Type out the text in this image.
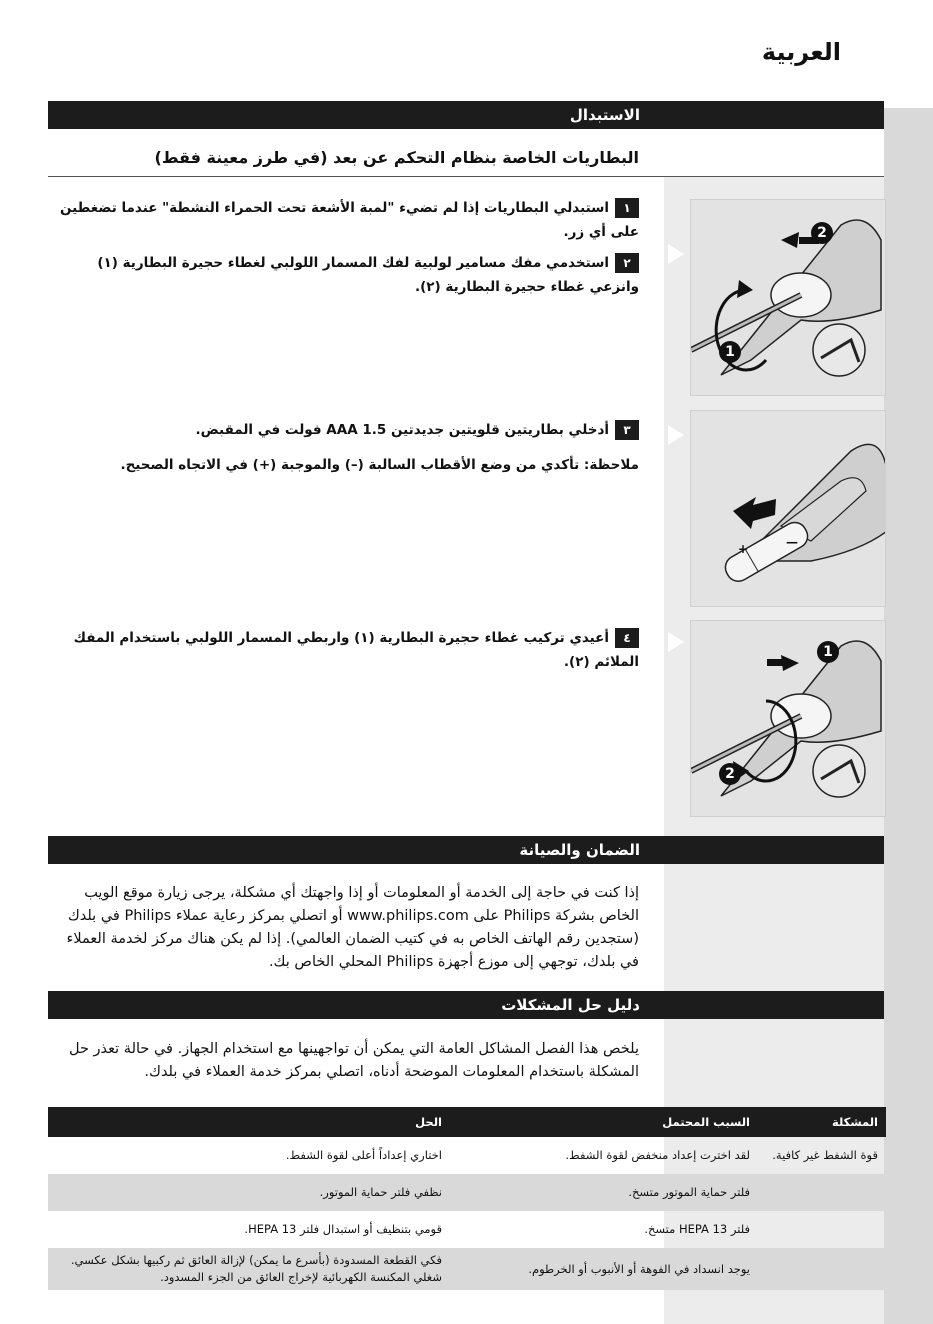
العربية
الاستبدال
البطاريات الخاصة بنظام التحكم عن بعد (في طرز معينة فقط)
١استبدلي البطاريات إذا لم تضيء "لمبة الأشعة تحت الحمراء النشطة" عندما تضغطين على أي زر.
٢استخدمي مفك مسامير لولبية لفك المسمار اللولبي لغطاء حجيرة البطارية (١) وانزعي غطاء حجيرة البطارية (٢).
٣أدخلي بطاريتين قلويتين جديدتين AAA 1.5 فولت في المقبض.
ملاحظة: تأكدي من وضع الأقطاب السالبة (–) والموجبة (+) في الاتجاه الصحيح.
٤أعيدي تركيب غطاء حجيرة البطارية (١) واربطي المسمار اللولبي باستخدام المفك الملائم (٢).
2
1
+	—
1
2
الضمان والصيانة
إذا كنت في حاجة إلى الخدمة أو المعلومات أو إذا واجهتك أي مشكلة، يرجى زيارة موقع الويب الخاص بشركة Philips على www.philips.com أو اتصلي بمركز رعاية عملاء Philips في بلدك (ستجدين رقم الهاتف الخاص به في كتيب الضمان العالمي). إذا لم يكن هناك مركز لخدمة العملاء في بلدك، توجهي إلى موزع أجهزة Philips المحلي الخاص بك.
دليل حل المشكلات
يلخص هذا الفصل المشاكل العامة التي يمكن أن تواجهينها مع استخدام الجهاز. في حالة تعذر حل المشكلة باستخدام المعلومات الموضحة أدناه، اتصلي بمركز خدمة العملاء في بلدك.
المشكلة	السبب المحتمل	الحل
قوة الشفط غير كافية.	لقد اخترت إعداد منخفض لقوة الشفط.	اختاري إعداداً أعلى لقوة الشفط.
	فلتر حماية الموتور متسخ.	نظفي فلتر حماية الموتور.
	فلتر HEPA 13 متسخ.	قومي بتنظيف أو استبدال فلتر HEPA 13.
	يوجد انسداد في الفوهة أو الأنبوب أو الخرطوم.	فكي القطعة المسدودة (بأسرع ما يمكن) لإزالة العائق ثم ركبيها بشكل عكسي. شغلي المكنسة الكهربائية لإخراج العائق من الجزء المسدود.
